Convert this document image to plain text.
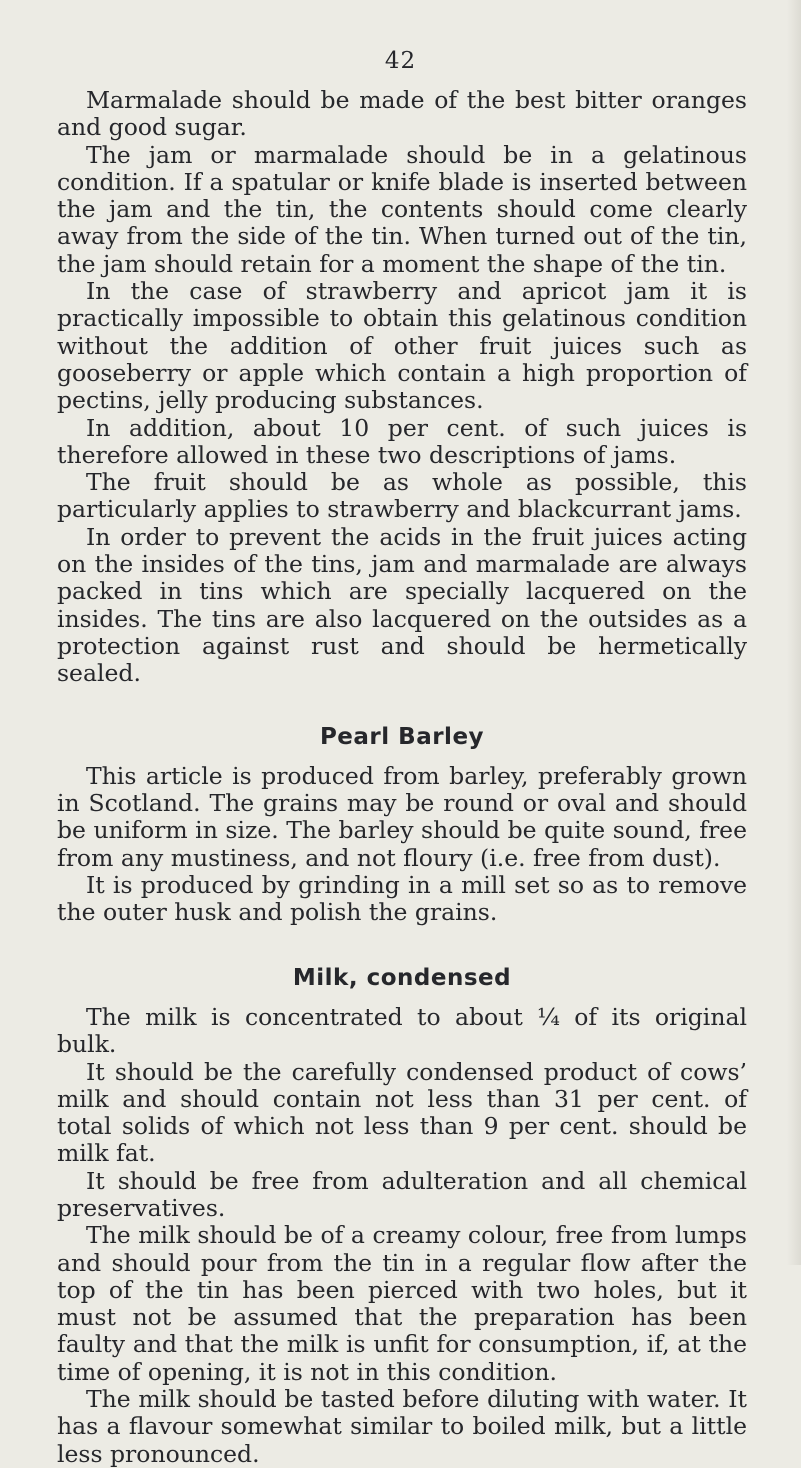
42

Marmalade should be made of the best bitter oranges and good sugar.

The jam or marmalade should be in a gelatinous condition. If a spatular or knife blade is inserted between the jam and the tin, the contents should come clearly away from the side of the tin. When turned out of the tin, the jam should retain for a moment the shape of the tin.

In the case of strawberry and apricot jam it is practically impossible to obtain this gelatinous condition without the addition of other fruit juices such as gooseberry or apple which contain a high proportion of pectins, jelly producing substances.

In addition, about 10 per cent. of such juices is therefore allowed in these two descriptions of jams.

The fruit should be as whole as possible, this particularly applies to strawberry and blackcurrant jams.

In order to prevent the acids in the fruit juices acting on the insides of the tins, jam and marmalade are always packed in tins which are specially lacquered on the insides. The tins are also lacquered on the outsides as a protection against rust and should be hermetically sealed.

Pearl Barley

This article is produced from barley, preferably grown in Scotland. The grains may be round or oval and should be uniform in size. The barley should be quite sound, free from any mustiness, and not floury (i.e. free from dust).

It is produced by grinding in a mill set so as to remove the outer husk and polish the grains.

Milk, condensed

The milk is concentrated to about ¼ of its original bulk.

It should be the carefully condensed product of cows’ milk and should contain not less than 31 per cent. of total solids of which not less than 9 per cent. should be milk fat.

It should be free from adulteration and all chemical preservatives.

The milk should be of a creamy colour, free from lumps and should pour from the tin in a regular flow after the top of the tin has been pierced with two holes, but it must not be assumed that the preparation has been faulty and that the milk is unfit for consumption, if, at the time of opening, it is not in this condition.

The milk should be tasted before diluting with water. It has a flavour somewhat similar to boiled milk, but a little less pronounced.
